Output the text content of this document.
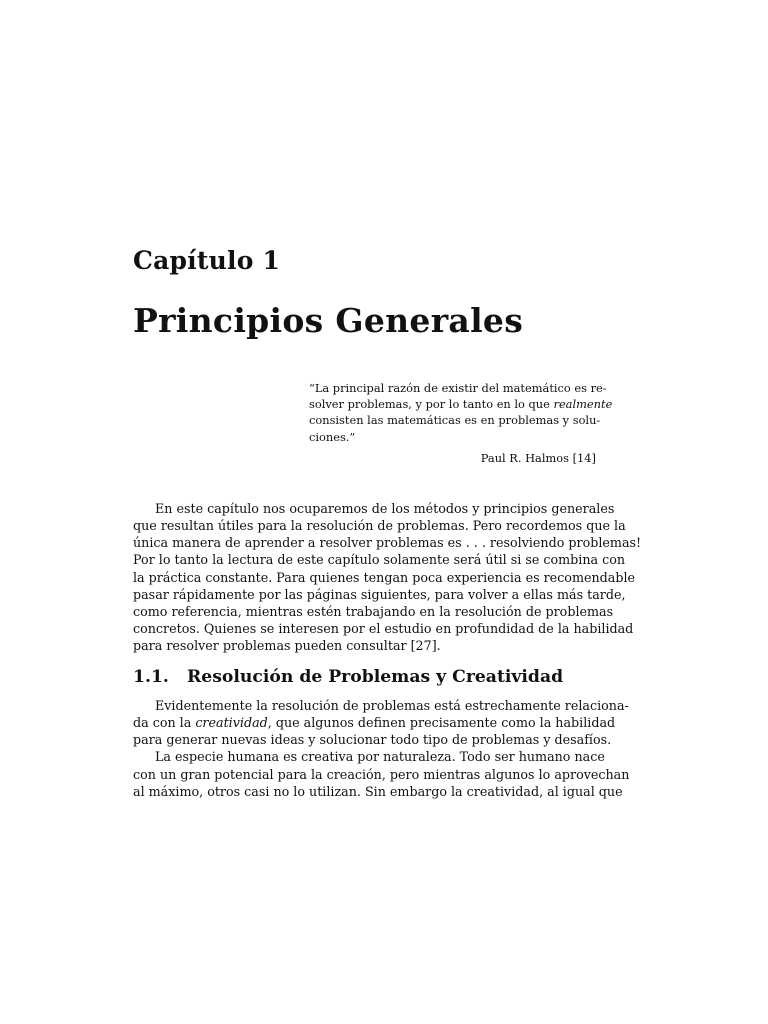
Capítulo 1
Principios Generales
“La principal razón de existir del matemático es re-
solver problemas, y por lo tanto en lo que realmente
consisten las matemáticas es en problemas y solu-
ciones.”
Paul R. Halmos [14]
En este capítulo nos ocuparemos de los métodos y principios generales
que resultan útiles para la resolución de problemas. Pero recordemos que la
única manera de aprender a resolver problemas es . . . resolviendo problemas!
Por lo tanto la lectura de este capítulo solamente será útil si se combina con
la práctica constante. Para quienes tengan poca experiencia es recomendable
pasar rápidamente por las páginas siguientes, para volver a ellas más tarde,
como referencia, mientras estén trabajando en la resolución de problemas
concretos. Quienes se interesen por el estudio en profundidad de la habilidad
para resolver problemas pueden consultar [27].
1.1. Resolución de Problemas y Creatividad
Evidentemente la resolución de problemas está estrechamente relaciona-
da con la creatividad, que algunos definen precisamente como la habilidad
para generar nuevas ideas y solucionar todo tipo de problemas y desafíos.
La especie humana es creativa por naturaleza. Todo ser humano nace
con un gran potencial para la creación, pero mientras algunos lo aprovechan
al máximo, otros casi no lo utilizan. Sin embargo la creatividad, al igual que
